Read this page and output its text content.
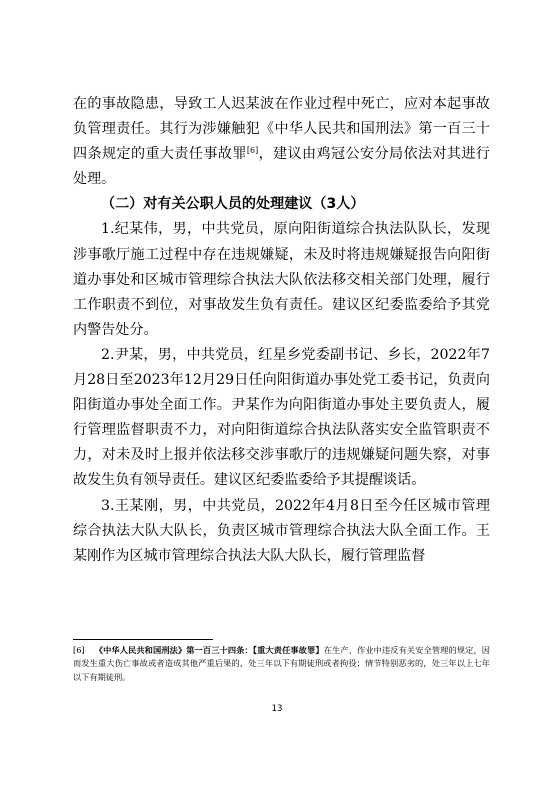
在的事故隐患，导致工人迟某波在作业过程中死亡，应对本起事故负管理责任。其行为涉嫌触犯《中华人民共和国刑法》第一百三十四条规定的重大责任事故罪[6]，建议由鸡冠公安分局依法对其进行处理。

（二）对有关公职人员的处理建议（3人）

1.纪某伟，男，中共党员，原向阳街道综合执法队队长，发现涉事歌厅施工过程中存在违规嫌疑，未及时将违规嫌疑报告向阳街道办事处和区城市管理综合执法大队依法移交相关部门处理，履行工作职责不到位，对事故发生负有责任。建议区纪委监委给予其党内警告处分。

2.尹某，男，中共党员，红星乡党委副书记、乡长，2022年7月28日至2023年12月29日任向阳街道办事处党工委书记，负责向阳街道办事处全面工作。尹某作为向阳街道办事处主要负责人，履行管理监督职责不力，对向阳街道综合执法队落实安全监管职责不力，对未及时上报并依法移交涉事歌厅的违规嫌疑问题失察，对事故发生负有领导责任。建议区纪委监委给予其提醒谈话。

3.王某刚，男，中共党员，2022年4月8日至今任区城市管理综合执法大队大队长，负责区城市管理综合执法大队全面工作。王某刚作为区城市管理综合执法大队大队长，履行管理监督

[6] 《中华人民共和国刑法》第一百三十四条：【重大责任事故罪】在生产、作业中违反有关安全管理的规定，因而发生重大伤亡事故或者造成其他严重后果的，处三年以下有期徒刑或者拘役；情节特别恶劣的，处三年以上七年以下有期徒刑。
13
